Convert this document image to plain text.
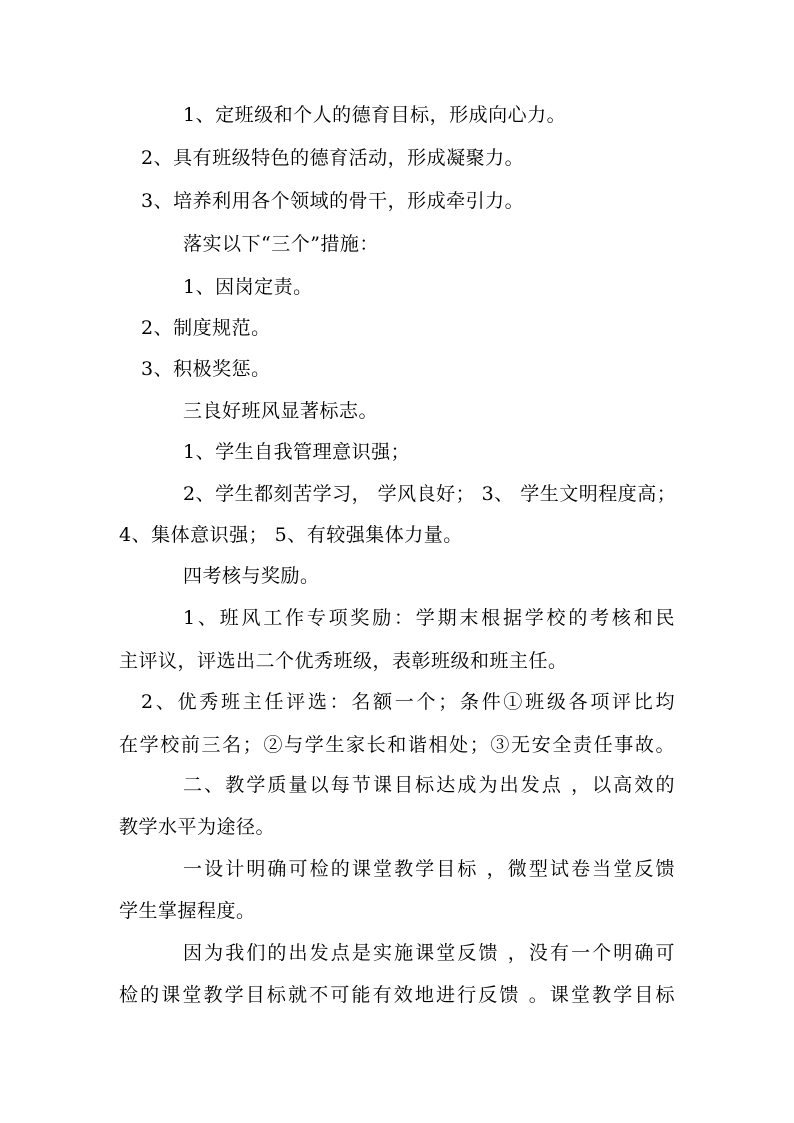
1、定班级和个人的德育目标，形成向心力。
2、具有班级特色的德育活动，形成凝聚力。
3、培养利用各个领域的骨干，形成牵引力。
落实以下“三个”措施：
1、因岗定责。
2、制度规范。
3、积极奖惩。
三良好班风显著标志。
1、学生自我管理意识强；
2、学生都刻苦学习， 学风良好； 3、 学生文明程度高；
4、集体意识强； 5、有较强集体力量。
四考核与奖励。
1、班风工作专项奖励：学期末根据学校的考核和民
主评议，评选出二个优秀班级，表彰班级和班主任。
2、优秀班主任评选：名额一个；条件①班级各项评比均
在学校前三名；②与学生家长和谐相处；③无安全责任事故。
二、教学质量以每节课目标达成为出发点 ，以高效的
教学水平为途径。
一设计明确可检的课堂教学目标 ，微型试卷当堂反馈
学生掌握程度。
因为我们的出发点是实施课堂反馈 ，没有一个明确可
检的课堂教学目标就不可能有效地进行反馈 。课堂教学目标
